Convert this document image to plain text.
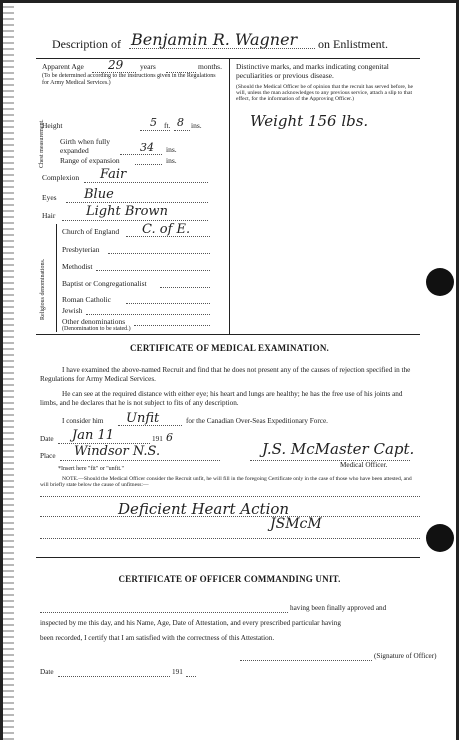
Description of Benjamin R. Wagner on Enlistment.
Apparent Age 29 years	months.
(To be determined according to the instructions given in the Regulations for Army Medical Services.)
Distinctive marks, and marks indicating congenital peculiarities or previous disease.
(Should the Medical Officer be of opinion that the recruit has served before, he will, unless the man acknowledges to any previous service, attach a slip to that effect, for the information of the Approving Officer.)
Weight 156 lbs.
Height	5 ft. 8 ins.
Chest measurement. Girth when fully expanded	34 ins.
Range of expansion	ins.
Complexion Fair
Eyes Blue
Hair Light Brown
Religious denominations.
Church of England C. of E.
Presbyterian
Methodist
Baptist or Congregationalist
Roman Catholic
Jewish
Other denominations
(Denomination to be stated.)
CERTIFICATE OF MEDICAL EXAMINATION.
I have examined the above-named Recruit and find that he does not present any of the causes of rejection specified in the Regulations for Army Medical Services.
He can see at the required distance with either eye; his heart and lungs are healthy; he has the free use of his joints and limbs, and he declares that he is not subject to fits of any description.
I consider him Unfit	for the Canadian Over-Seas Expeditionary Force.
Date Jan 11	191 6
Place Windsor N.S.	J.S. McMaster Capt.
Medical Officer.
*Insert here "fit" or "unfit."
NOTE.—Should the Medical Officer consider the Recruit unfit, he will fill in the foregoing Certificate only in the case of those who have been attested, and will briefly state below the cause of unfitness:—
Deficient Heart Action
JSMcM
CERTIFICATE OF OFFICER COMMANDING UNIT.
having been finally approved and
inspected by me this day, and his Name, Age, Date of Attestation, and every prescribed particular having
been recorded, I certify that I am satisfied with the correctness of this Attestation.
(Signature of Officer)
Date	191
